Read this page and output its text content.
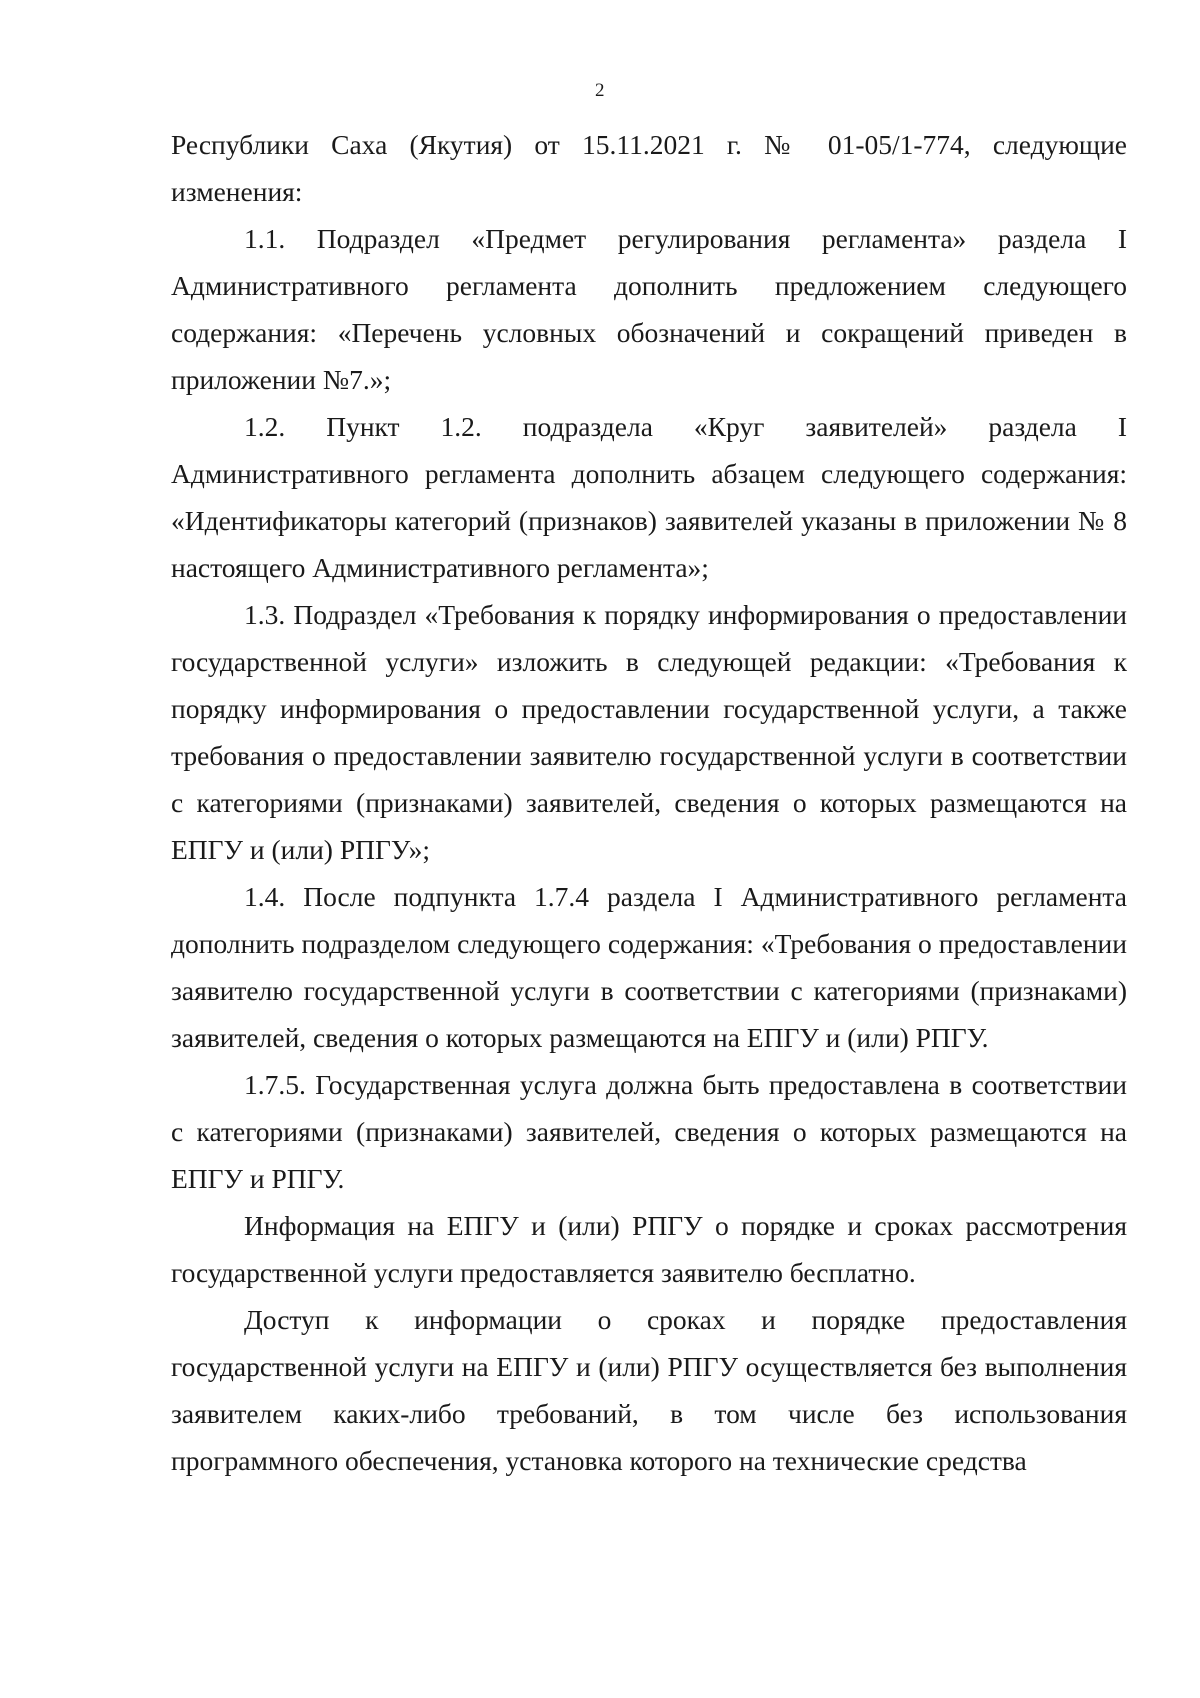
2

Республики Саха (Якутия) от 15.11.2021 г. № 01-05/1-774, следующие изменения:

1.1. Подраздел «Предмет регулирования регламента» раздела I Административного регламента дополнить предложением следующего содержания: «Перечень условных обозначений и сокращений приведен в приложении №7.»;

1.2. Пункт 1.2. подраздела «Круг заявителей» раздела I Административного регламента дополнить абзацем следующего содержания: «Идентификаторы категорий (признаков) заявителей указаны в приложении № 8 настоящего Административного регламента»;

1.3. Подраздел «Требования к порядку информирования о предоставлении государственной услуги» изложить в следующей редакции: «Требования к порядку информирования о предоставлении государственной услуги, а также требования о предоставлении заявителю государственной услуги в соответствии с категориями (признаками) заявителей, сведения о которых размещаются на ЕПГУ и (или) РПГУ»;

1.4. После подпункта 1.7.4 раздела I Административного регламента дополнить подразделом следующего содержания: «Требования о предоставлении заявителю государственной услуги в соответствии с категориями (признаками) заявителей, сведения о которых размещаются на ЕПГУ и (или) РПГУ.

1.7.5. Государственная услуга должна быть предоставлена в соответствии с категориями (признаками) заявителей, сведения о которых размещаются на ЕПГУ и РПГУ.

Информация на ЕПГУ и (или) РПГУ о порядке и сроках рассмотрения государственной услуги предоставляется заявителю бесплатно.

Доступ к информации о сроках и порядке предоставления государственной услуги на ЕПГУ и (или) РПГУ осуществляется без выполнения заявителем каких-либо требований, в том числе без использования программного обеспечения, установка которого на технические средства
